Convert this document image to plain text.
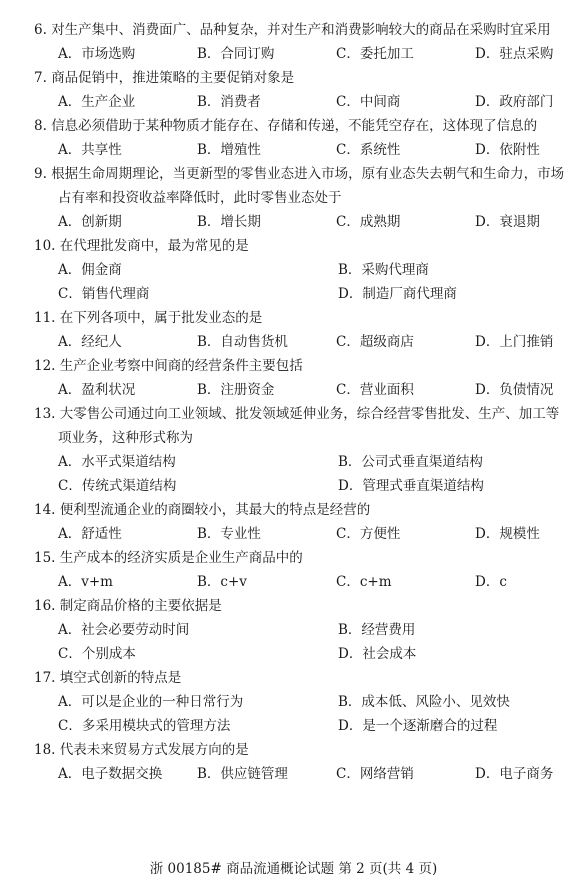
6. 对生产集中、消费面广、品种复杂，并对生产和消费影响较大的商品在采购时宜采用

A．市场选购	B．合同订购	C．委托加工	D．驻点采购

7. 商品促销中，推进策略的主要促销对象是

A．生产企业	B．消费者	C．中间商	D．政府部门

8. 信息必须借助于某种物质才能存在、存储和传递，不能凭空存在，这体现了信息的

A．共享性	B．增殖性	C．系统性	D．依附性

9. 根据生命周期理论，当更新型的零售业态进入市场，原有业态失去朝气和生命力，市场占有率和投资收益率降低时，此时零售业态处于

A．创新期	B．增长期	C．成熟期	D．衰退期

10. 在代理批发商中，最为常见的是

A．佣金商	B．采购代理商
C．销售代理商	D．制造厂商代理商

11. 在下列各项中，属于批发业态的是

A．经纪人	B．自动售货机	C．超级商店	D．上门推销

12. 生产企业考察中间商的经营条件主要包括

A．盈利状况	B．注册资金	C．营业面积	D．负债情况

13. 大零售公司通过向工业领域、批发领域延伸业务，综合经营零售批发、生产、加工等项业务，这种形式称为

A．水平式渠道结构	B．公司式垂直渠道结构
C．传统式渠道结构	D．管理式垂直渠道结构

14. 便利型流通企业的商圈较小，其最大的特点是经营的

A．舒适性	B．专业性	C．方便性	D．规模性

15. 生产成本的经济实质是企业生产商品中的

A．v+m	B．c+v	C．c+m	D．c

16. 制定商品价格的主要依据是

A．社会必要劳动时间	B．经营费用
C．个别成本	D．社会成本

17. 填空式创新的特点是

A．可以是企业的一种日常行为	B．成本低、风险小、见效快
C．多采用模块式的管理方法	D．是一个逐渐磨合的过程

18. 代表未来贸易方式发展方向的是

A．电子数据交换	B．供应链管理	C．网络营销	D．电子商务
浙 00185# 商品流通概论试题 第 2 页(共 4 页)
